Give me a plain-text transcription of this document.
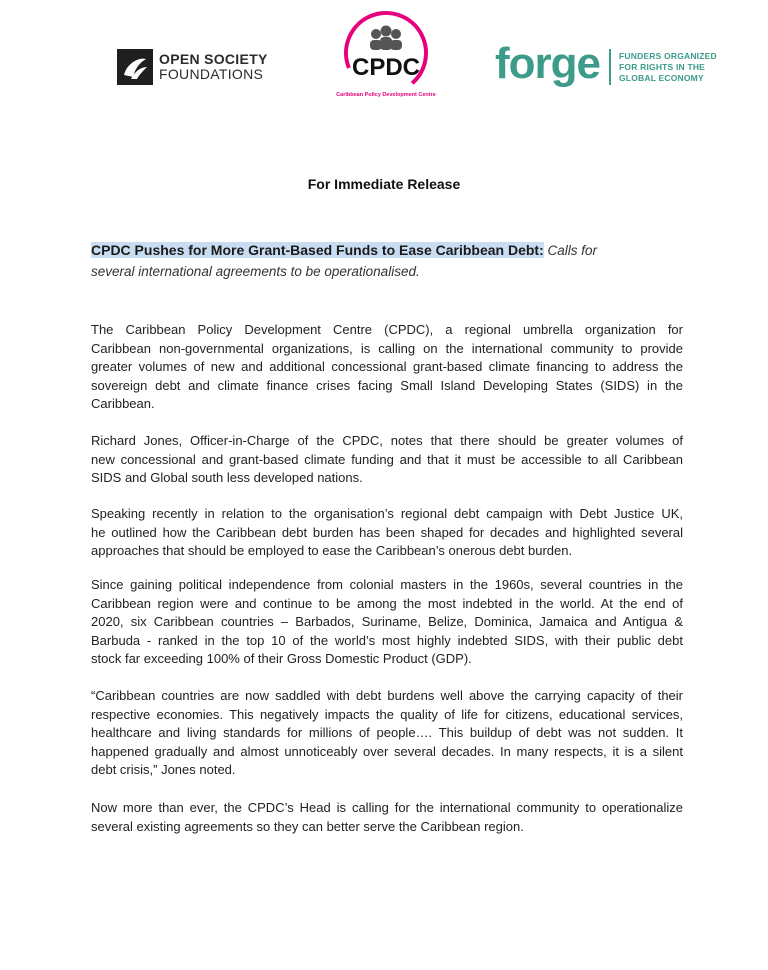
OPEN SOCIETY
FOUNDATIONS	CPDC
Caribbean Policy Development Centre
forge FUNDERS ORGANIZED
FOR RIGHTS IN THE
GLOBAL ECONOMY
For Immediate Release
CPDC Pushes for More Grant-Based Funds to Ease Caribbean Debt: Calls for
several international agreements to be operationalised.
The Caribbean Policy Development Centre (CPDC), a regional umbrella organization for
Caribbean non-governmental organizations, is calling on the international community to provide
greater volumes of new and additional concessional grant-based climate financing to address the
sovereign debt and climate finance crises facing Small Island Developing States (SIDS) in the
Caribbean.
Richard Jones, Officer-in-Charge of the CPDC, notes that there should be greater volumes of
new concessional and grant-based climate funding and that it must be accessible to all Caribbean
SIDS and Global south less developed nations.
Speaking recently in relation to the organisation’s regional debt campaign with Debt Justice UK,
he outlined how the Caribbean debt burden has been shaped for decades and highlighted several
approaches that should be employed to ease the Caribbean’s onerous debt burden.
Since gaining political independence from colonial masters in the 1960s, several countries in the
Caribbean region were and continue to be among the most indebted in the world. At the end of
2020, six Caribbean countries – Barbados, Suriname, Belize, Dominica, Jamaica and Antigua &
Barbuda - ranked in the top 10 of the world’s most highly indebted SIDS, with their public debt
stock far exceeding 100% of their Gross Domestic Product (GDP).
“Caribbean countries are now saddled with debt burdens well above the carrying capacity of their
respective economies. This negatively impacts the quality of life for citizens, educational services,
healthcare and living standards for millions of people…. This buildup of debt was not sudden. It
happened gradually and almost unnoticeably over several decades. In many respects, it is a silent
debt crisis,” Jones noted.
Now more than ever, the CPDC’s Head is calling for the international community to operationalize
several existing agreements so they can better serve the Caribbean region.
